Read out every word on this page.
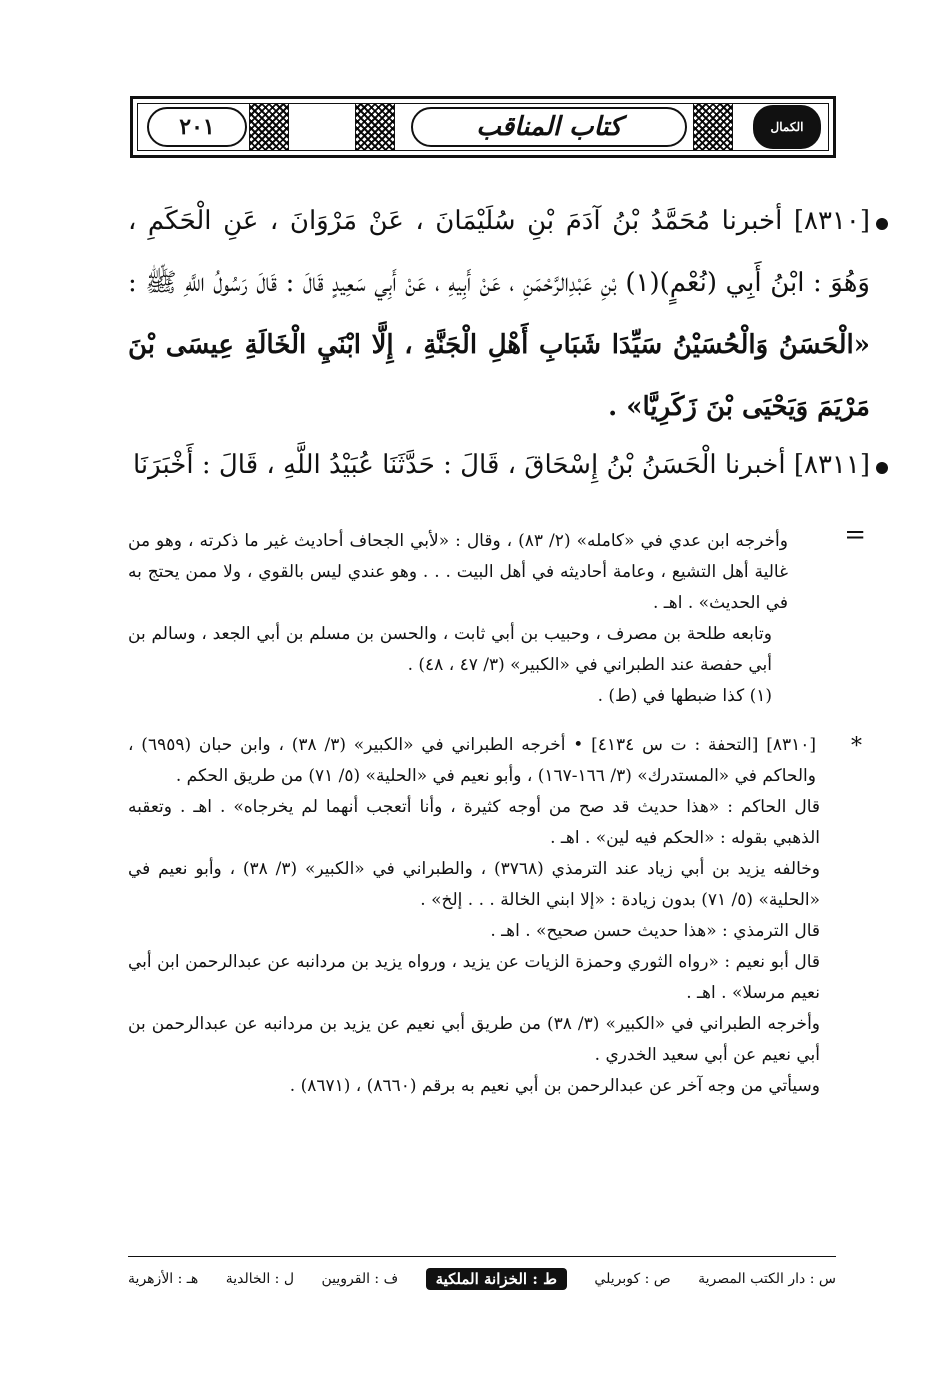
٢٠١	كتاب المناقب	الكمال
[٨٣١٠] أخبرنا مُحَمَّدُ بْنُ آدَمَ بْنِ سُلَيْمَانَ ، عَنْ مَرْوَانَ ، عَنِ الْحَكَمِ ، وَهُوَ : ابْنُ أَبِي (نُعْمٍ)(١) بْنِ عَبْدِالرَّحْمَنِ ، عَنْ أَبِيهِ ، عَنْ أَبِي سَعِيدٍ قَالَ : قَالَ رَسُولُ اللَّهِ ﷺ : «الْحَسَنُ وَالْحُسَيْنُ سَيِّدَا شَبَابِ أَهْلِ الْجَنَّةِ ، إِلَّا ابْنَيِ الْخَالَةِ عِيسَى بْنَ مَرْيَمَ وَيَحْيَى بْنَ زَكَرِيَّا» .
[٨٣١١] أخبرنا الْحَسَنُ بْنُ إِسْحَاقَ ، قَالَ : حَدَّثَنَا عُبَيْدُ اللَّهِ ، قَالَ : أَخْبَرَنَا
=

وأخرجه ابن عدي في «كامله» (٢/ ٨٣) ، وقال : «لأبي الجحاف أحاديث غير ما ذكرته ، وهو من غالية أهل التشيع ، وعامة أحاديثه في أهل البيت . . . وهو عندي ليس بالقوي ، ولا ممن يحتج به في الحديث» . اهـ .

وتابعه طلحة بن مصرف ، وحبيب بن أبي ثابت ، والحسن بن مسلم بن أبي الجعد ، وسالم بن أبي حفصة عند الطبراني في «الكبير» (٣/ ٤٧ ، ٤٨) .

(١) كذا ضبطها في (ط) .

*

[٨٣١٠] [التحفة : ت س ٤١٣٤] • أخرجه الطبراني في «الكبير» (٣/ ٣٨) ، وابن حبان (٦٩٥٩) ، والحاكم في «المستدرك» (٣/ ١٦٦-١٦٧) ، وأبو نعيم في «الحلية» (٥/ ٧١) من طريق الحكم .

قال الحاكم : «هذا حديث قد صح من أوجه كثيرة ، وأنا أتعجب أنهما لم يخرجاه» . اهـ . وتعقبه الذهبي بقوله : «الحكم فيه لين» . اهـ .

وخالفه يزيد بن أبي زياد عند الترمذي (٣٧٦٨) ، والطبراني في «الكبير» (٣/ ٣٨) ، وأبو نعيم في «الحلية» (٥/ ٧١) بدون زيادة : «إلا ابني الخالة . . . إلخ» .

قال الترمذي : «هذا حديث حسن صحيح» . اهـ .

قال أبو نعيم : «رواه الثوري وحمزة الزيات عن يزيد ، ورواه يزيد بن مردانبه عن عبدالرحمن ابن أبي نعيم مرسلا» . اهـ .

وأخرجه الطبراني في «الكبير» (٣/ ٣٨) من طريق أبي نعيم عن يزيد بن مردانبه عن عبدالرحمن بن أبي نعيم عن أبي سعيد الخدري .

وسيأتي من وجه آخر عن عبدالرحمن بن أبي نعيم به برقم (٨٦٦٠) ، (٨٦٧١) .

س : دار الكتب المصرية
ص : كوبريلي
ط : الخزانة الملكية
ف : القرويين
ل : الخالدية
هـ : الأزهرية
